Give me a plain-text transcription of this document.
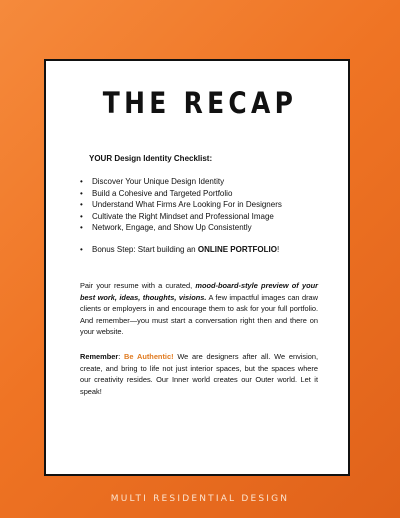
THE RECAP

YOUR Design Identity Checklist:

• Discover Your Unique Design Identity
• Build a Cohesive and Targeted Portfolio
• Understand What Firms Are Looking For in Designers
• Cultivate the Right Mindset and Professional Image
• Network, Engage, and Show Up Consistently

• Bonus Step: Start building an ONLINE PORTFOLIO!

Pair your resume with a curated, mood-board-style preview of your best work, ideas, thoughts, visions. A few impactful images can draw clients or employers in and encourage them to ask for your full portfolio. And remember—you must start a conversation right then and there on your website.

Remember: Be Authentic! We are designers after all. We envision, create, and bring to life not just interior spaces, but the spaces where our creativity resides. Our Inner world creates our Outer world. Let it speak!

MULTI RESIDENTIAL DESIGN
